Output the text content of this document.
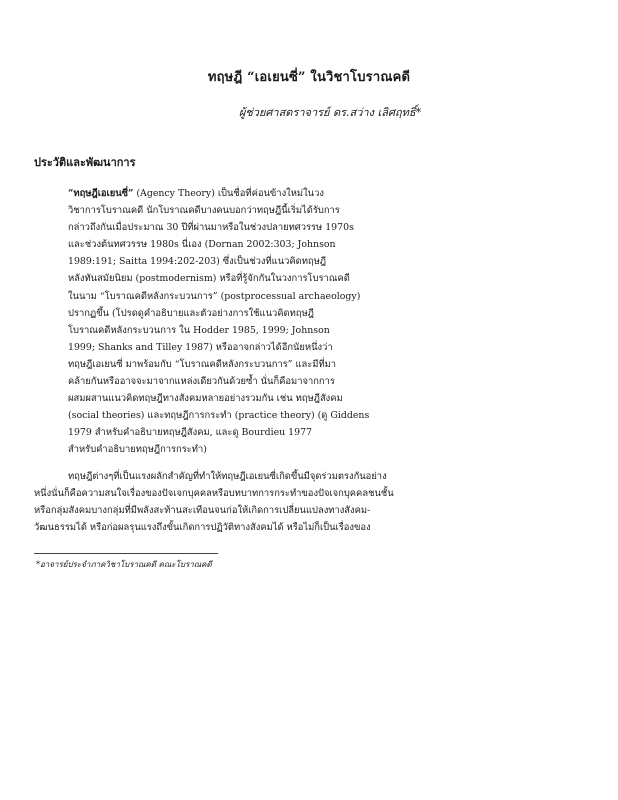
ทฤษฎี “เอเยนซี่” ในวิชาโบราณคดี
ผู้ช่วยศาสตราจารย์ ดร.สว่าง เลิศฤทธิ์*
ประวัติและพัฒนาการ
“ทฤษฎีเอเยนซี่” (Agency Theory) เป็นชื่อที่ค่อนข้างใหม่ในวง
วิชาการโบราณคดี นักโบราณคดีบางคนบอกว่าทฤษฎีนี้เริ่มได้รับการ
กล่าวถึงกันเมื่อประมาณ 30 ปีที่ผ่านมาหรือในช่วงปลายทศวรรษ 1970s
และช่วงต้นทศวรรษ 1980s นี่เอง (Dornan 2002:303; Johnson
1989:191; Saitta 1994:202-203) ซึ่งเป็นช่วงที่แนวคิดทฤษฎี
หลังทันสมัยนิยม (postmodernism) หรือที่รู้จักกันในวงการโบราณคดี
ในนาม “โบราณคดีหลังกระบวนการ” (postprocessual archaeology)
ปรากฏขึ้น (โปรดดูคำอธิบายและตัวอย่างการใช้แนวคิดทฤษฎี
โบราณคดีหลังกระบวนการ ใน Hodder 1985, 1999; Johnson
1999; Shanks and Tilley 1987) หรืออาจกล่าวได้อีกนัยหนึ่งว่า
ทฤษฎีเอเยนซี่ มาพร้อมกับ “โบราณคดีหลังกระบวนการ” และมีที่มา
คล้ายกันหรืออาจจะมาจากแหล่งเดียวกันด้วยซ้ำ นั่นก็คือมาจากการ
ผสมผสานแนวคิดทฤษฎีทางสังคมหลายอย่างรวมกัน เช่น ทฤษฎีสังคม
(social theories) และทฤษฎีการกระทำ (practice theory) (ดู Giddens
1979 สำหรับคำอธิบายทฤษฎีสังคม, และดู Bourdieu 1977
สำหรับคำอธิบายทฤษฎีการกระทำ)
ทฤษฎีต่างๆที่เป็นแรงผลักสำคัญที่ทำให้ทฤษฎีเอเยนซี่เกิดขึ้นมีจุดร่วมตรงกันอย่าง
หนึ่งนั่นก็คือความสนใจเรื่องของปัจเจกบุคคลหรือบทบาทการกระทำของปัจเจกบุคคลชนชั้น
หรือกลุ่มสังคมบางกลุ่มที่มีพลังสะท้านสะเทือนจนก่อให้เกิดการเปลี่ยนแปลงทางสังคม-
วัฒนธรรมได้ หรือก่อผลรุนแรงถึงขั้นเกิดการปฏิวัติทางสังคมได้ หรือไม่ก็เป็นเรื่องของ
*อาจารย์ประจำภาควิชาโบราณคดี คณะโบราณคดี
